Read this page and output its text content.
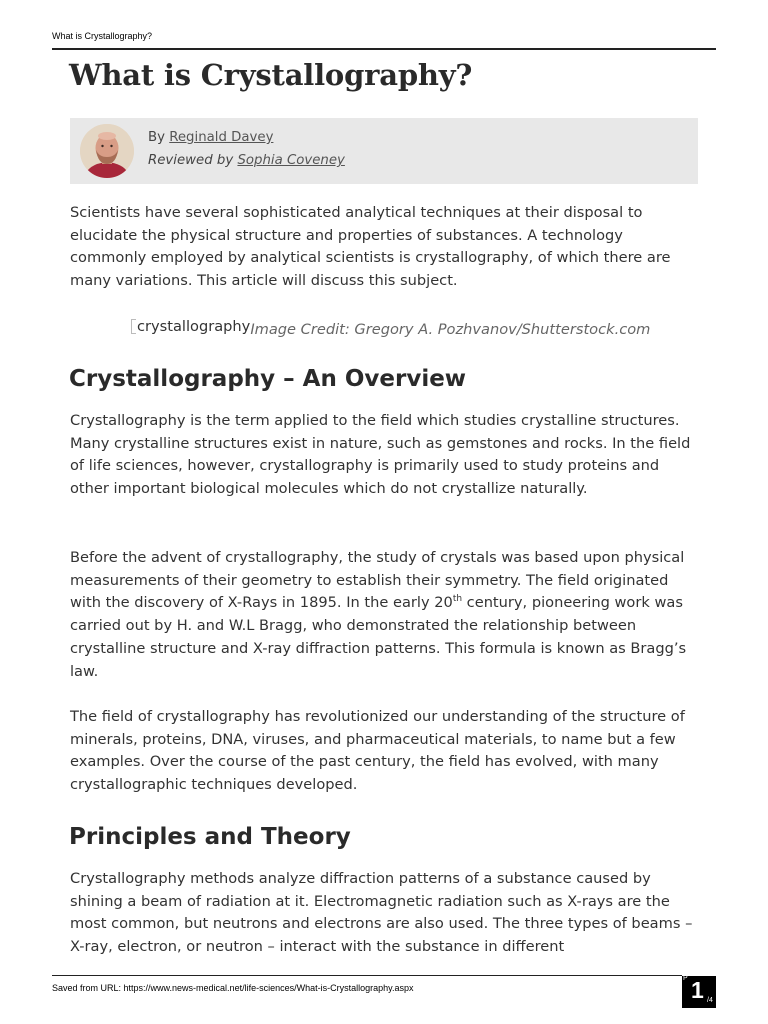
What is Crystallography?
What is Crystallography?
By Reginald Davey
Reviewed by Sophia Coveney

Scientists have several sophisticated analytical techniques at their disposal to elucidate the physical structure and properties of substances. A technology commonly employed by analytical scientists is crystallography, of which there are many variations. This article will discuss this subject.

crystallography Image Credit: Gregory A. Pozhvanov/Shutterstock.com
Crystallography – An Overview

Crystallography is the term applied to the field which studies crystalline structures. Many crystalline structures exist in nature, such as gemstones and rocks. In the field of life sciences, however, crystallography is primarily used to study proteins and other important biological molecules which do not crystallize naturally.

Before the advent of crystallography, the study of crystals was based upon physical measurements of their geometry to establish their symmetry. The field originated with the discovery of X-Rays in 1895. In the early 20th century, pioneering work was carried out by H. and W.L Bragg, who demonstrated the relationship between crystalline structure and X-ray diffraction patterns. This formula is known as Bragg’s law.

The field of crystallography has revolutionized our understanding of the structure of minerals, proteins, DNA, viruses, and pharmaceutical materials, to name but a few examples. Over the course of the past century, the field has evolved, with many crystallographic techniques developed.

Principles and Theory

Crystallography methods analyze diffraction patterns of a substance caused by shining a beam of radiation at it. Electromagnetic radiation such as X-rays are the most common, but neutrons and electrons are also used. The three types of beams – X-ray, electron, or neutron – interact with the substance in different

Saved from URL: https://www.news-medical.net/life-sciences/What-is-Crystallography.aspx
P 1 /4
